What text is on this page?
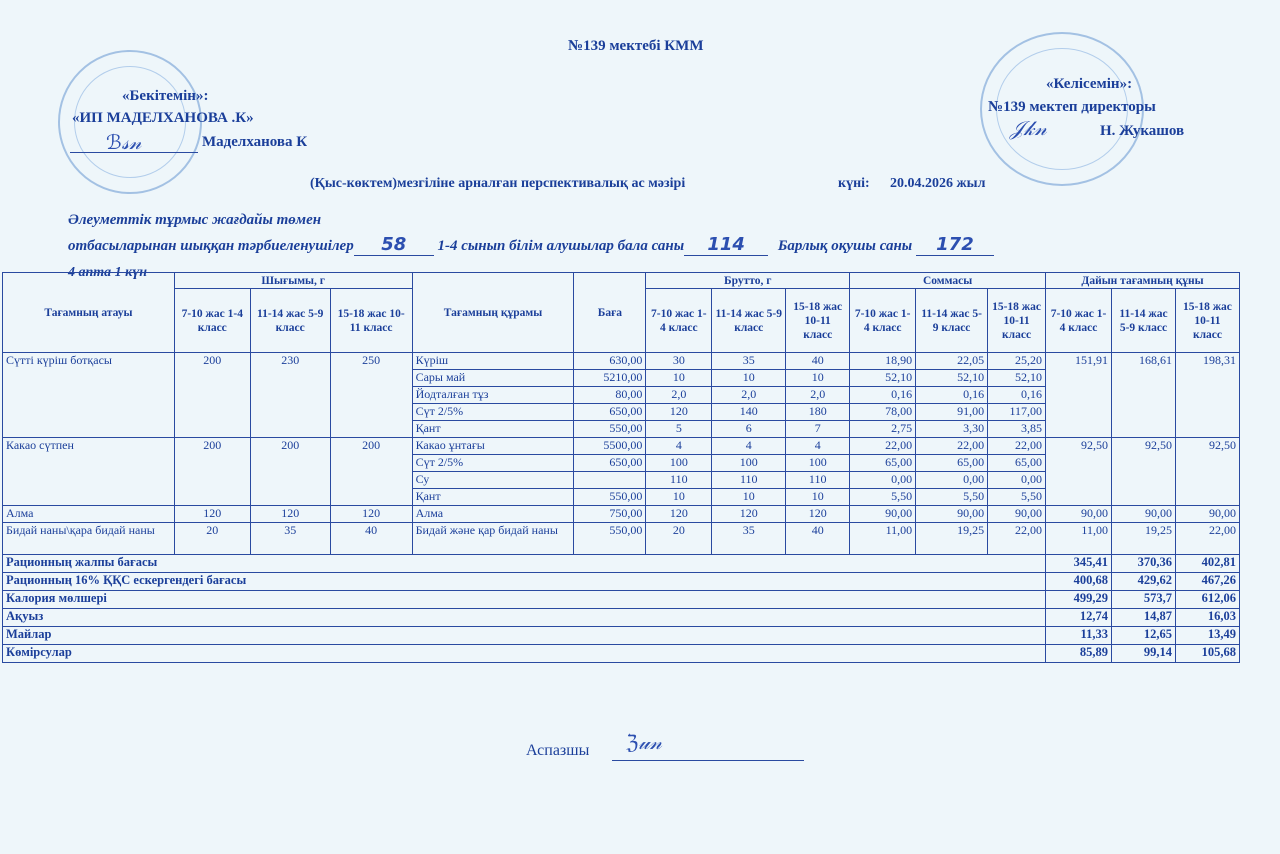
№139 мектебі КММ
«Бекітемін»:
«ИП МАДЕЛХАНОВА .К»
ℬ𝓈𝓃	Маделханова К
«Келісемін»:
№139 мектеп директоры
𝒥𝓀𝓃	Н. Жукашов
(Қыс-көктем)мезгіліне арналған перспективалық ас мәзірі	күні: 20.04.2026 жыл
Әлеуметтік тұрмыс жағдайы төмен
отбасыларынан шыққан тәрбиеленушілер 58 1-4 сынып білім алушылар бала саны 114 Барлық оқушы саны 172
4 апта 1 күн
Тағамның атауы	Шығымы, г			Тағамның құрамы	Баға	Брутто, г			Соммасы			Дайын тағамның құны		
	7-10 жас 1-4 класс	11-14 жас 5-9 класс	15-18 жас 10-11 класс			7-10 жас 1-4 класс	11-14 жас 5-9 класс	15-18 жас 10-11 класс	7-10 жас 1-4 класс	11-14 жас 5-9 класс	15-18 жас 10-11 класс	7-10 жас 1-4 класс	11-14 жас 5-9 класс	15-18 жас 10-11 класс
Сүтті күріш ботқасы	200	230	250	Күріш	630,00	30	35	40	18,90	22,05	25,20	151,91	168,61	198,31
				Сары май	5210,00	10	10	10	52,10	52,10	52,10			
				Йодталған тұз	80,00	2,0	2,0	2,0	0,16	0,16	0,16			
				Сүт 2/5%	650,00	120	140	180	78,00	91,00	117,00			
				Қант	550,00	5	6	7	2,75	3,30	3,85			
Какао сүтпен	200	200	200	Какао ұнтағы	5500,00	4	4	4	22,00	22,00	22,00	92,50	92,50	92,50
				Сүт 2/5%	650,00	100	100	100	65,00	65,00	65,00			
				Су		110	110	110	0,00	0,00	0,00			
				Қант	550,00	10	10	10	5,50	5,50	5,50			
Алма	120	120	120	Алма	750,00	120	120	120	90,00	90,00	90,00	90,00	90,00	90,00
Бидай наны\қара бидай наны	20	35	40	Бидай және қар бидай наны	550,00	20	35	40	11,00	19,25	22,00	11,00	19,25	22,00
Рационның жалпы бағасы												345,41	370,36	402,81
Рационның 16% ҚҚС ескергендегі бағасы												400,68	429,62	467,26
Калория мөлшері												499,29	573,7	612,06
Ақуыз												12,74	14,87	16,03
Майлар												11,33	12,65	13,49
Көмірсулар												85,89	99,14	105,68
Аспазшы ℨ𝓊𝓃
